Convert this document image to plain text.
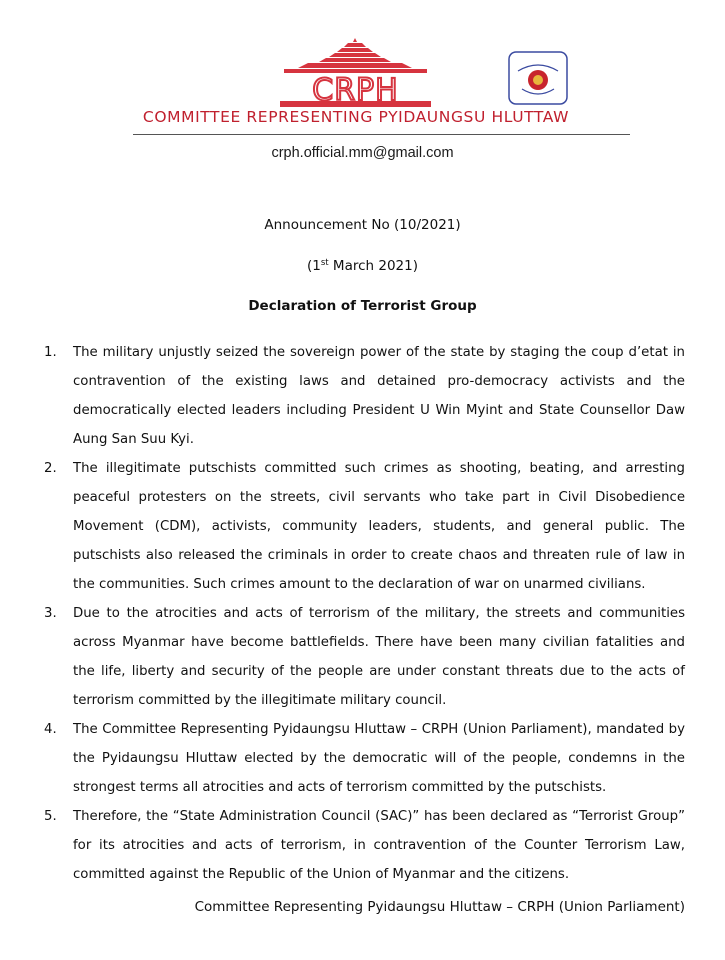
CRPH
COMMITTEE REPRESENTING PYIDAUNGSU HLUTTAW
crph.official.mm@gmail.com
Announcement No (10/2021)
(1st March 2021)
Declaration of Terrorist Group
1. The military unjustly seized the sovereign power of the state by staging the coup d’etat in contravention of the existing laws and detained pro-democracy activists and the democratically elected leaders including President U Win Myint and State Counsellor Daw Aung San Suu Kyi.
2. The illegitimate putschists committed such crimes as shooting, beating, and arresting peaceful protesters on the streets, civil servants who take part in Civil Disobedience Movement (CDM), activists, community leaders, students, and general public. The putschists also released the criminals in order to create chaos and threaten rule of law in the communities. Such crimes amount to the declaration of war on unarmed civilians.
3. Due to the atrocities and acts of terrorism of the military, the streets and communities across Myanmar have become battlefields. There have been many civilian fatalities and the life, liberty and security of the people are under constant threats due to the acts of terrorism committed by the illegitimate military council.
4. The Committee Representing Pyidaungsu Hluttaw – CRPH (Union Parliament), mandated by the Pyidaungsu Hluttaw elected by the democratic will of the people, condemns in the strongest terms all atrocities and acts of terrorism committed by the putschists.
5. Therefore, the “State Administration Council (SAC)” has been declared as “Terrorist Group” for its atrocities and acts of terrorism, in contravention of the Counter Terrorism Law, committed against the Republic of the Union of Myanmar and the citizens.
Committee Representing Pyidaungsu Hluttaw – CRPH (Union Parliament)
